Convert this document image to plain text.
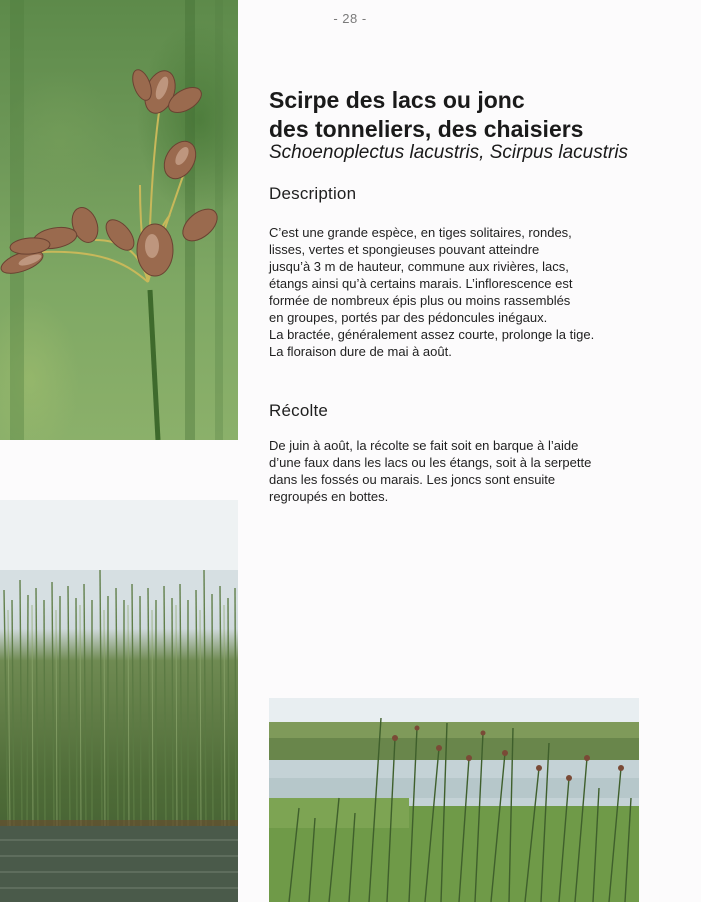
- 28 -
Scirpe des lacs ou jonc
des tonneliers, des chaisiers
Schoenoplectus lacustris, Scirpus lacustris
Description
C’est une grande espèce, en tiges solitaires, rondes,
lisses, vertes et spongieuses pouvant atteindre
jusqu’à 3 m de hauteur, commune aux rivières, lacs,
étangs ainsi qu’à certains marais. L’inflorescence est
formée de nombreux épis plus ou moins rassemblés
en groupes, portés par des pédoncules inégaux.
La bractée, généralement assez courte, prolonge la tige.
La floraison dure de mai à août.
Récolte
De juin à août, la récolte se fait soit en barque à l’aide
d’une faux dans les lacs ou les étangs, soit à la serpette
dans les fossés ou marais. Les joncs sont ensuite
regroupés en bottes.
